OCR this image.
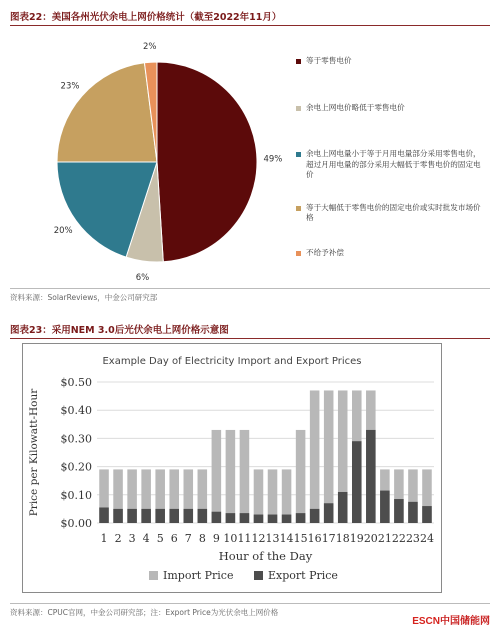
图表22：美国各州光伏余电上网价格统计（截至2022年11月）
49%
6%
20%
23%
2%
等于零售电价
余电上网电价略低于零售电价
余电上网电量小于等于月用电量部分采用零售电价，超过月用电量的部分采用大幅低于零售电价的固定电价
等于大幅低于零售电价的固定电价或实时批发市场价格
不给予补偿
资料来源：SolarReviews，中金公司研究部
图表23：采用NEM 3.0后光伏余电上网价格示意图
Example Day of Electricity Import and Export Prices
$0.00
$0.10
$0.20
$0.30
$0.40
$0.50
1 2 3 4 5 6 7 8 9 10 11 12 13 14 15 16 17 18 19 20 21 22 23 24
Hour of the Day
Price per Kilowatt-Hour
Import Price	Export Price
资料来源：CPUC官网，中金公司研究部；注：Export Price为光伏余电上网价格
ESCN中国储能网
